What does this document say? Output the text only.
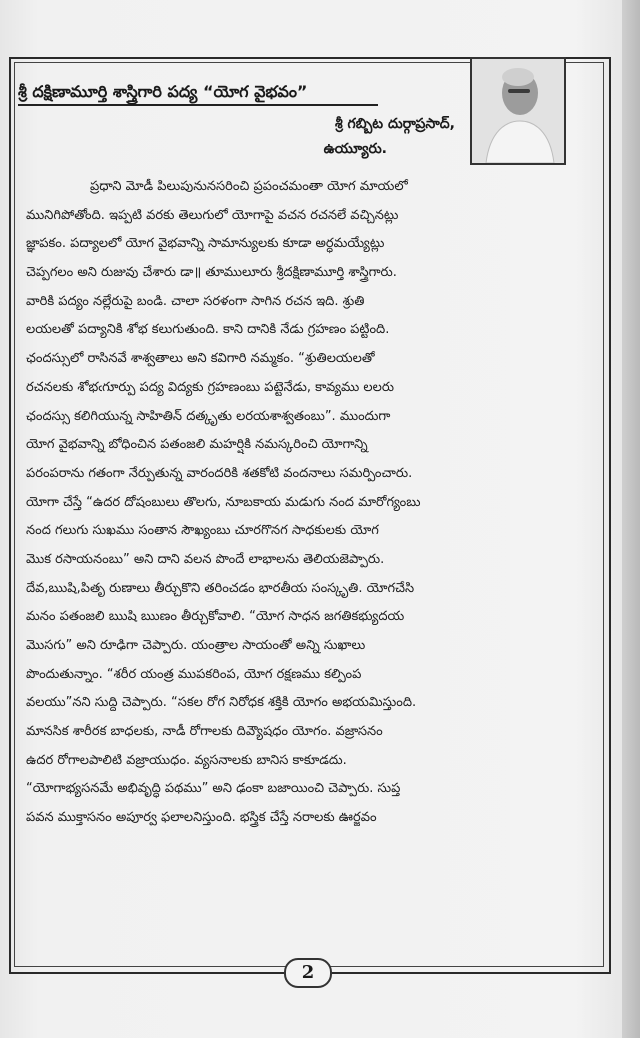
శ్రీ దక్షిణామూర్తి శాస్త్రిగారి పద్య “యోగ వైభవం”
శ్రీ గబ్బిట దుర్గాప్రసాద్,
ఉయ్యూరు.
ప్రధాని మోడీ పిలుపునునసరించి ప్రపంచమంతా యోగ మాయలో
మునిగిపోతోంది. ఇప్పటి వరకు తెలుగులో యోగాపై వచన రచనలే వచ్చినట్లు
జ్ఞాపకం. పద్యాలలో యోగ వైభవాన్ని సామాన్యులకు కూడా అర్ధమయ్యేట్లు
చెప్పగలం అని రుజువు చేశారు డా॥ తూములూరు శ్రీదక్షిణామూర్తి శాస్త్రిగారు.
వారికి పద్యం నల్లేరుపై బండి. చాలా సరళంగా సాగిన రచన ఇది. శ్రుతి
లయలతో పద్యానికి శోభ కలుగుతుంది. కాని దానికి నేడు గ్రహణం పట్టింది.
ఛందస్సులో రాసినవే శాశ్వతాలు అని కవిగారి నమ్మకం. “శ్రుతిలయలతో
రచనలకు శోభఁగూర్పు పద్య విద్యకు గ్రహణంబు పట్టెనేడు, కావ్యము లలరు
ఛందస్సు కలిగియున్న సాహితిన్ దత్కృతు లరయశాశ్వతంబు”. ముందుగా
యోగ వైభవాన్ని బోధించిన పతంజలి మహర్షికి నమస్కరించి యోగాన్ని
పరంపరాను గతంగా నేర్పుతున్న వారందరికి శతకోటి వందనాలు సమర్పించారు.
యోగా చేస్తే “ఉదర దోషంబులు తొలగు, నూబకాయ మడుగు నంద మారోగ్యంబు
నంద గలుగు సుఖము సంతాన సౌఖ్యంబు చూరగొనగ సాధకులకు యోగ
మొక రసాయనంబు” అని దాని వలన పొందే లాభాలను తెలియజెప్పారు.
దేవ,ఋషి,పితృ రుణాలు తీర్చుకొని తరించడం భారతీయ సంస్కృతి. యోగచేసి
మనం పతంజలి ఋషి ఋణం తీర్చుకోవాలి. “యోగ సాధన జగతికభ్యుదయ
మొసగు” అని రూఢిగా చెప్పారు. యంత్రాల సాయంతో అన్ని సుఖాలు
పొందుతున్నాం. “శరీర యంత్ర ముపకరింప, యోగ రక్షణము కల్పింప
వలయు”నని సుద్ది చెప్పారు. “సకల రోగ నిరోధక శక్తికి యోగం అభయమిస్తుంది.
మానసిక శారీరక బాధలకు, నాడీ రోగాలకు దివ్యౌషధం యోగం. వజ్రాసనం
ఉదర రోగాలపాలిటి వజ్రాయుధం. వ్యసనాలకు బానిస కాకూడదు.
“యోగాభ్యసనమే అభివృద్ధి పథము” అని ఢంకా బజాయించి చెప్పారు. సుప్త
పవన ముక్తాసనం అపూర్వ ఫలాలనిస్తుంది. భస్త్రిక చేస్తే నరాలకు ఊర్జవం
2
